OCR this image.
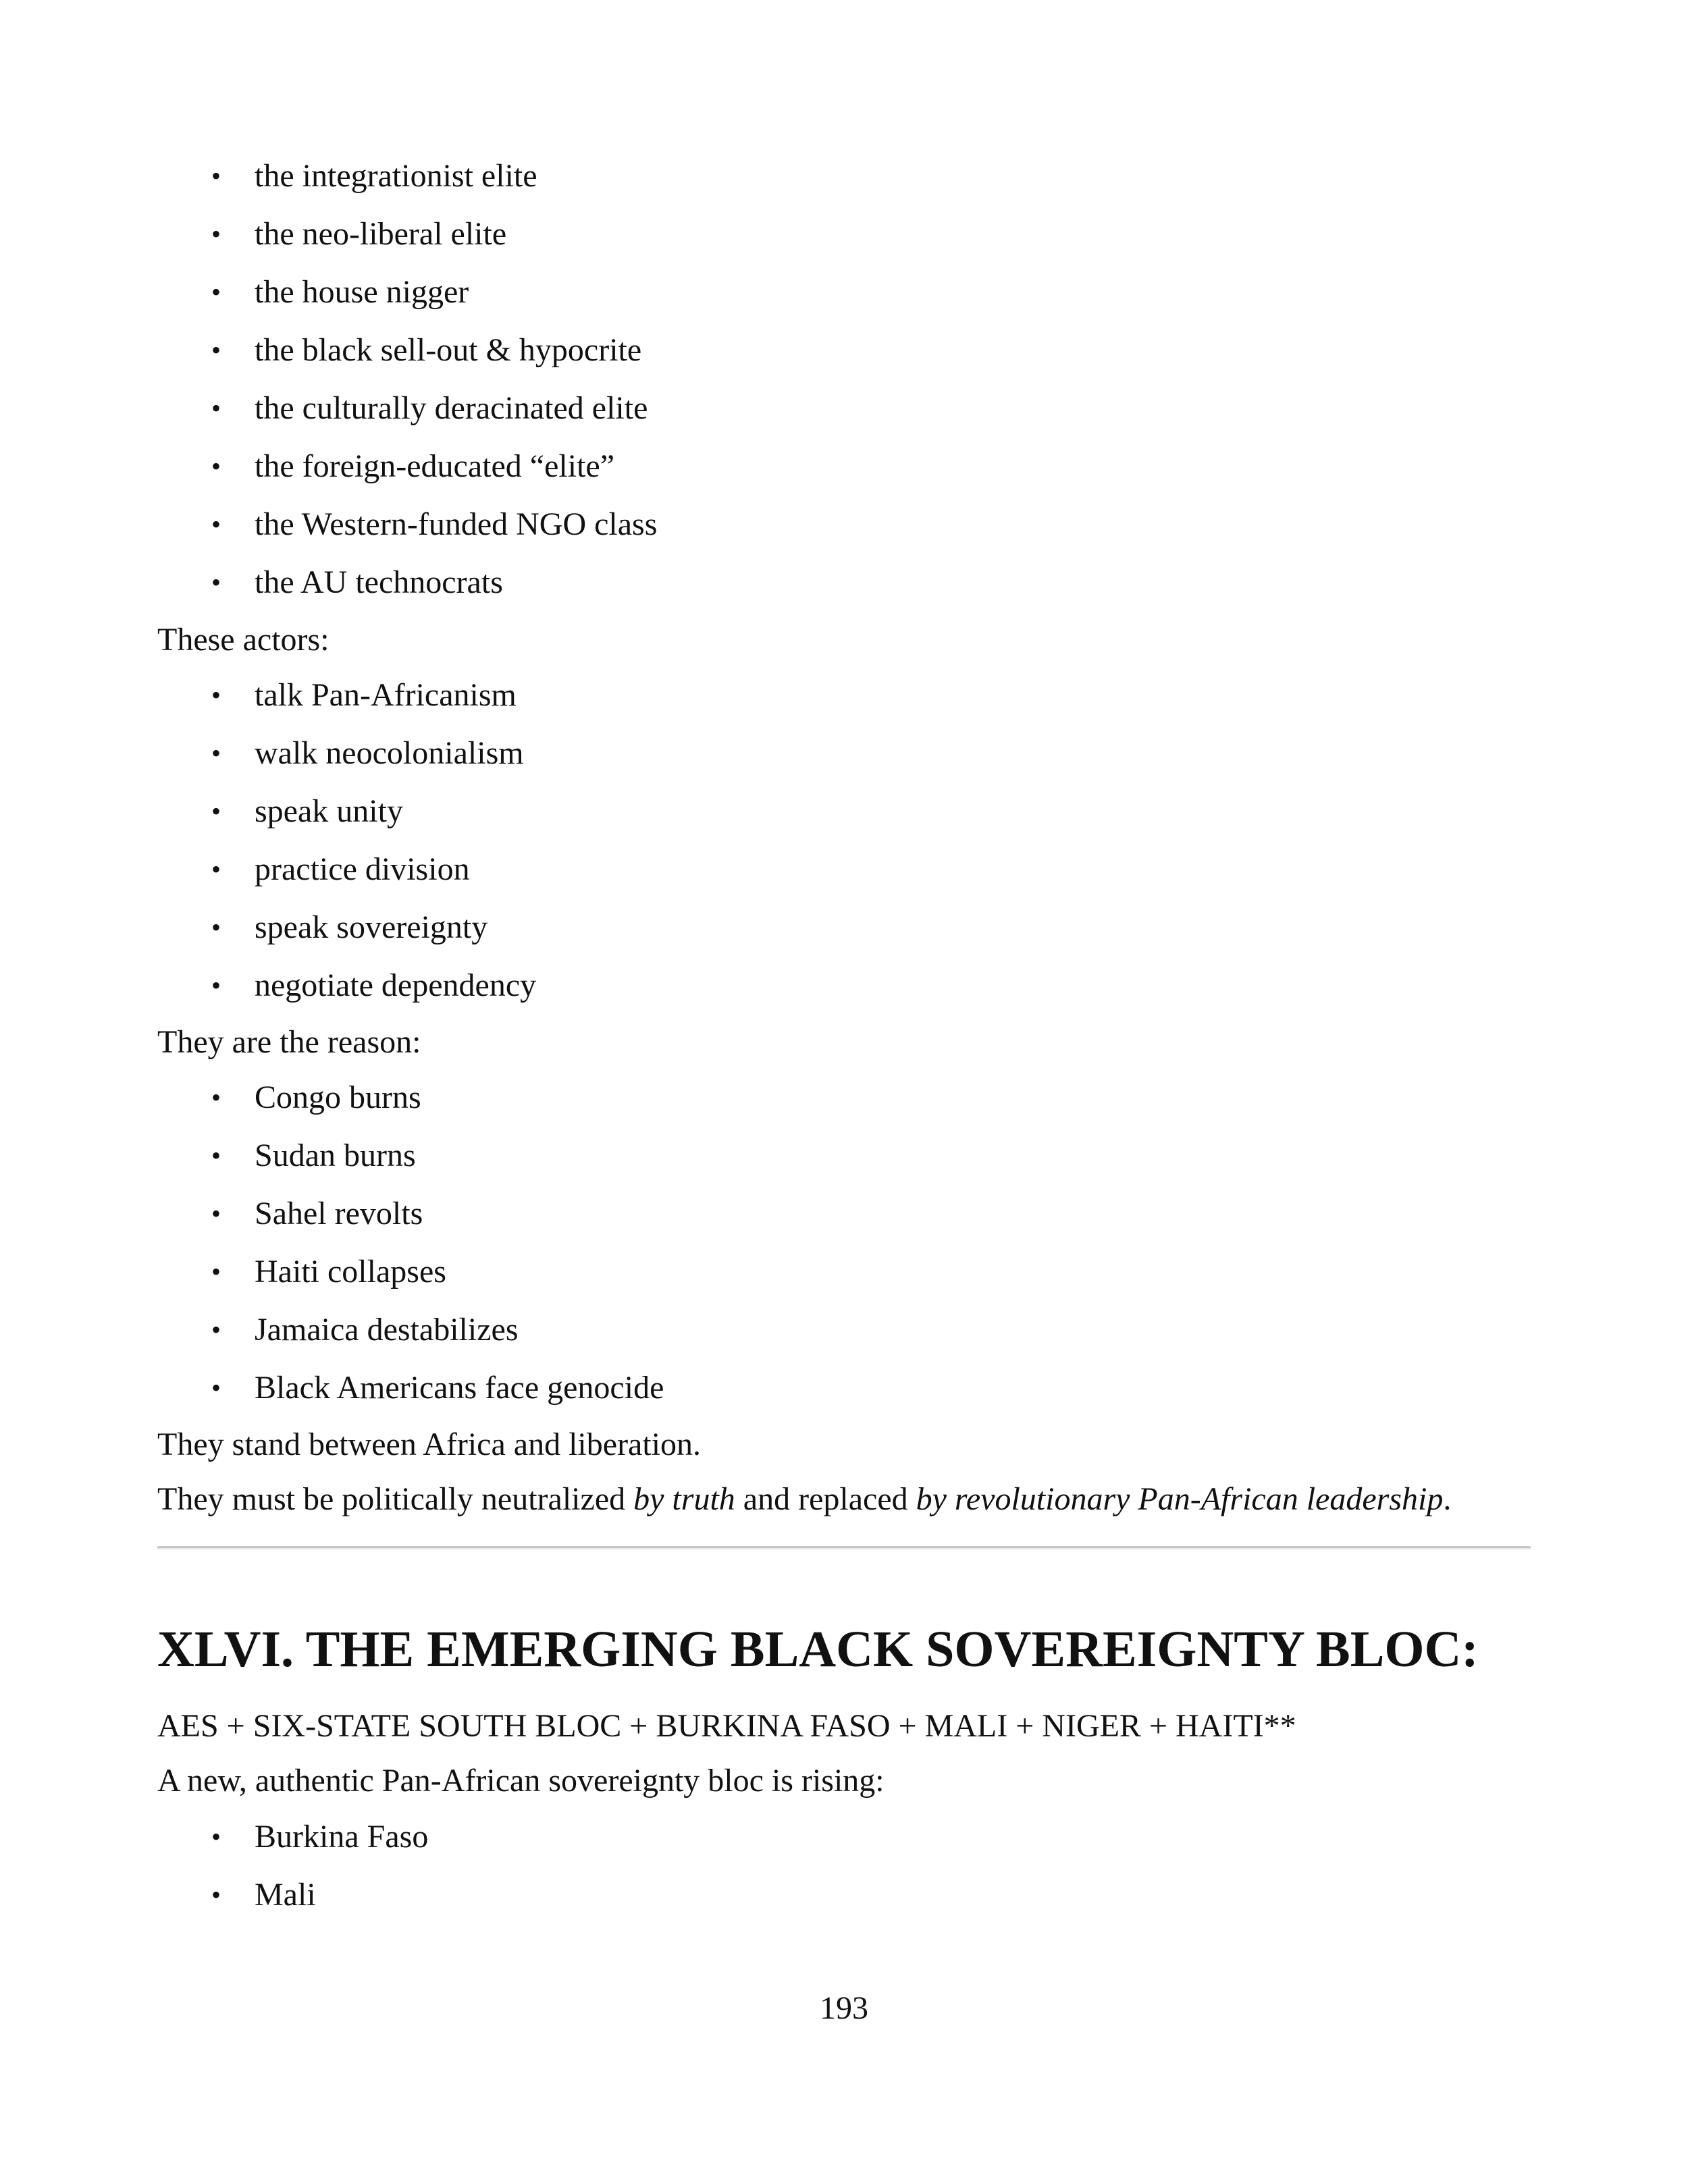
• the integrationist elite
• the neo-liberal elite
• the house nigger
• the black sell-out & hypocrite
• the culturally deracinated elite
• the foreign-educated “elite”
• the Western-funded NGO class
• the AU technocrats

These actors:

• talk Pan-Africanism
• walk neocolonialism
• speak unity
• practice division
• speak sovereignty
• negotiate dependency

They are the reason:

• Congo burns
• Sudan burns
• Sahel revolts
• Haiti collapses
• Jamaica destabilizes
• Black Americans face genocide

They stand between Africa and liberation.

They must be politically neutralized by truth and replaced by revolutionary Pan-African leadership.

XLVI. THE EMERGING BLACK SOVEREIGNTY BLOC:

AES + SIX-STATE SOUTH BLOC + BURKINA FASO + MALI + NIGER + HAITI**

A new, authentic Pan-African sovereignty bloc is rising:

• Burkina Faso
• Mali
193
